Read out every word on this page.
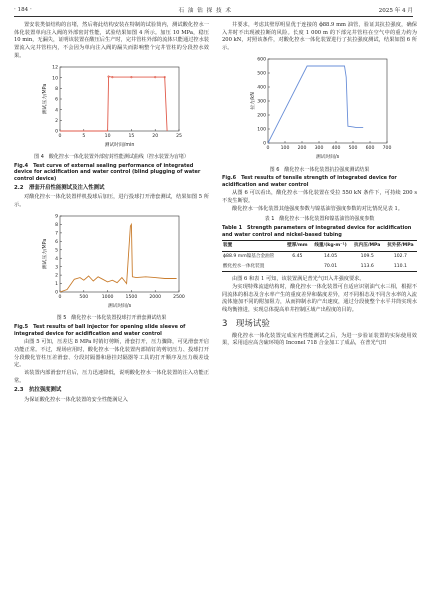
· 184 ·	石 油 钻 探 技 术	2025 年 4 月

置安装类似结构的盲堵，然后将此结构安装在特制的试验筒内，测试酸化控水一体化装置单向注入阀的外部密封性能，试验结果如图 4 所示。加压 10 MPa，稳压 10 min，无漏失，证明该装置在酸压后生产时，完井管柱外部的流体只能通过控水装置流入完井管柱内，不会因为单向注入阀的漏失而影响整个完井管柱的分段控水效果。

0	5	10	15	20	25
0
2
4
6
8
10
12
测试时间/min
测试压力/MPa
图 4　酸化控水一体化装置外部密封性能测试曲线（控水装置为盲堵）
Fig.4　Test curve of external sealing performance of integrated device for acidification and water control (blind plugging of water control device)
2.2　滑套开启性能测试及注入性测试

对酸化控水一体化装置样机投球后加压，进行投球打开滑套测试，结果如图 5 所示。

0	500	1000	1500	2000	2500
0
1
2
3
4
5
6
7
8
9
测试时间/s
测试压力/MPa
图 5　酸化控水一体化装置投球打开滑套测试结果
Fig.5　Test results of ball injector for opening slide sleeve of integrated device for acidification and water control

由图 5 可知，压差达 8 MPa 时销钉剪断，滑套打开，压力骤降，可见滑套开启功能正常。不过，现场应用时，酸化控水一体化装置内部销钉的剪切压力、投球打开分段酸化管柱压差滑套、分段封隔器和悬挂封隔器等工具的打开顺序及压力级差设定。

该装置内部滑套开启后，压力迅速降低，说明酸化控水一体化装置的注入功能正常。

2.3　抗拉强度测试

为保证酸化控水一体化装置的安全性能满足入

井要求，考虑其壁厚明显优于连接的 ϕ88.9 mm 油管，验证其抗拉强度，确保入井时不出现被拉断的风险。长度 1 000 m 的下部完井管柱在空气中的重力约为 200 kN，对照该条件，对酸化控水一体化装置进行了抗拉强度测试，结果如图 6 所示。

0 100 200 300 400 500 600 700
0
100
200
300
400
500
600
测试时间/s
拉力/kN
图 6　酸化控水一体化装置抗拉强度测试结果
Fig.6　Test results of tensile strength of integrated device for acidification and water control

从图 6 可以看出，酸化控水一体化装置在受拉 550 kN 条件下，可持续 200 s 不发生断裂。

酸化控水一体化装置其他强度参数与镍基油管强度参数的对比情况见表 1。

表 1　酸化控水一体化装置和镍基油管的强度参数
Table 1　Strength parameters of integrated device for acidification and water control and nickel-based tubing
装置	壁厚/mm	线重/(kg·m⁻¹)	抗内压/MPa	抗外挤/MPa
ϕ88.9 mm镍基合金油管	6.45	14.05	109.5	102.7
酸化控水一体化装置		70.01	113.6	110.1

由图 6 和表 1 可知，该装置满足普光气田入井强度要求。

为实现特殊流道结构时，酸化控水一体化装置可自适应识别油气水三相，根据不同流体的相态及含水率产生的重度差异和黏度差异，对不同相态及不同含水率的入流流体施加不同的附加阻力，从而抑制水的产出速度，通过分段使整个水平井筒实现水线均衡推进，实现总体提高单井控制区域产出程度的目的。

3　现场试验

酸化控水一体化装置完成室内性能测试之后，为进一步验证装置的实际使用效果，采用适应高含硫环境的 Inconel 718 合金加工了成品，在普光气田
